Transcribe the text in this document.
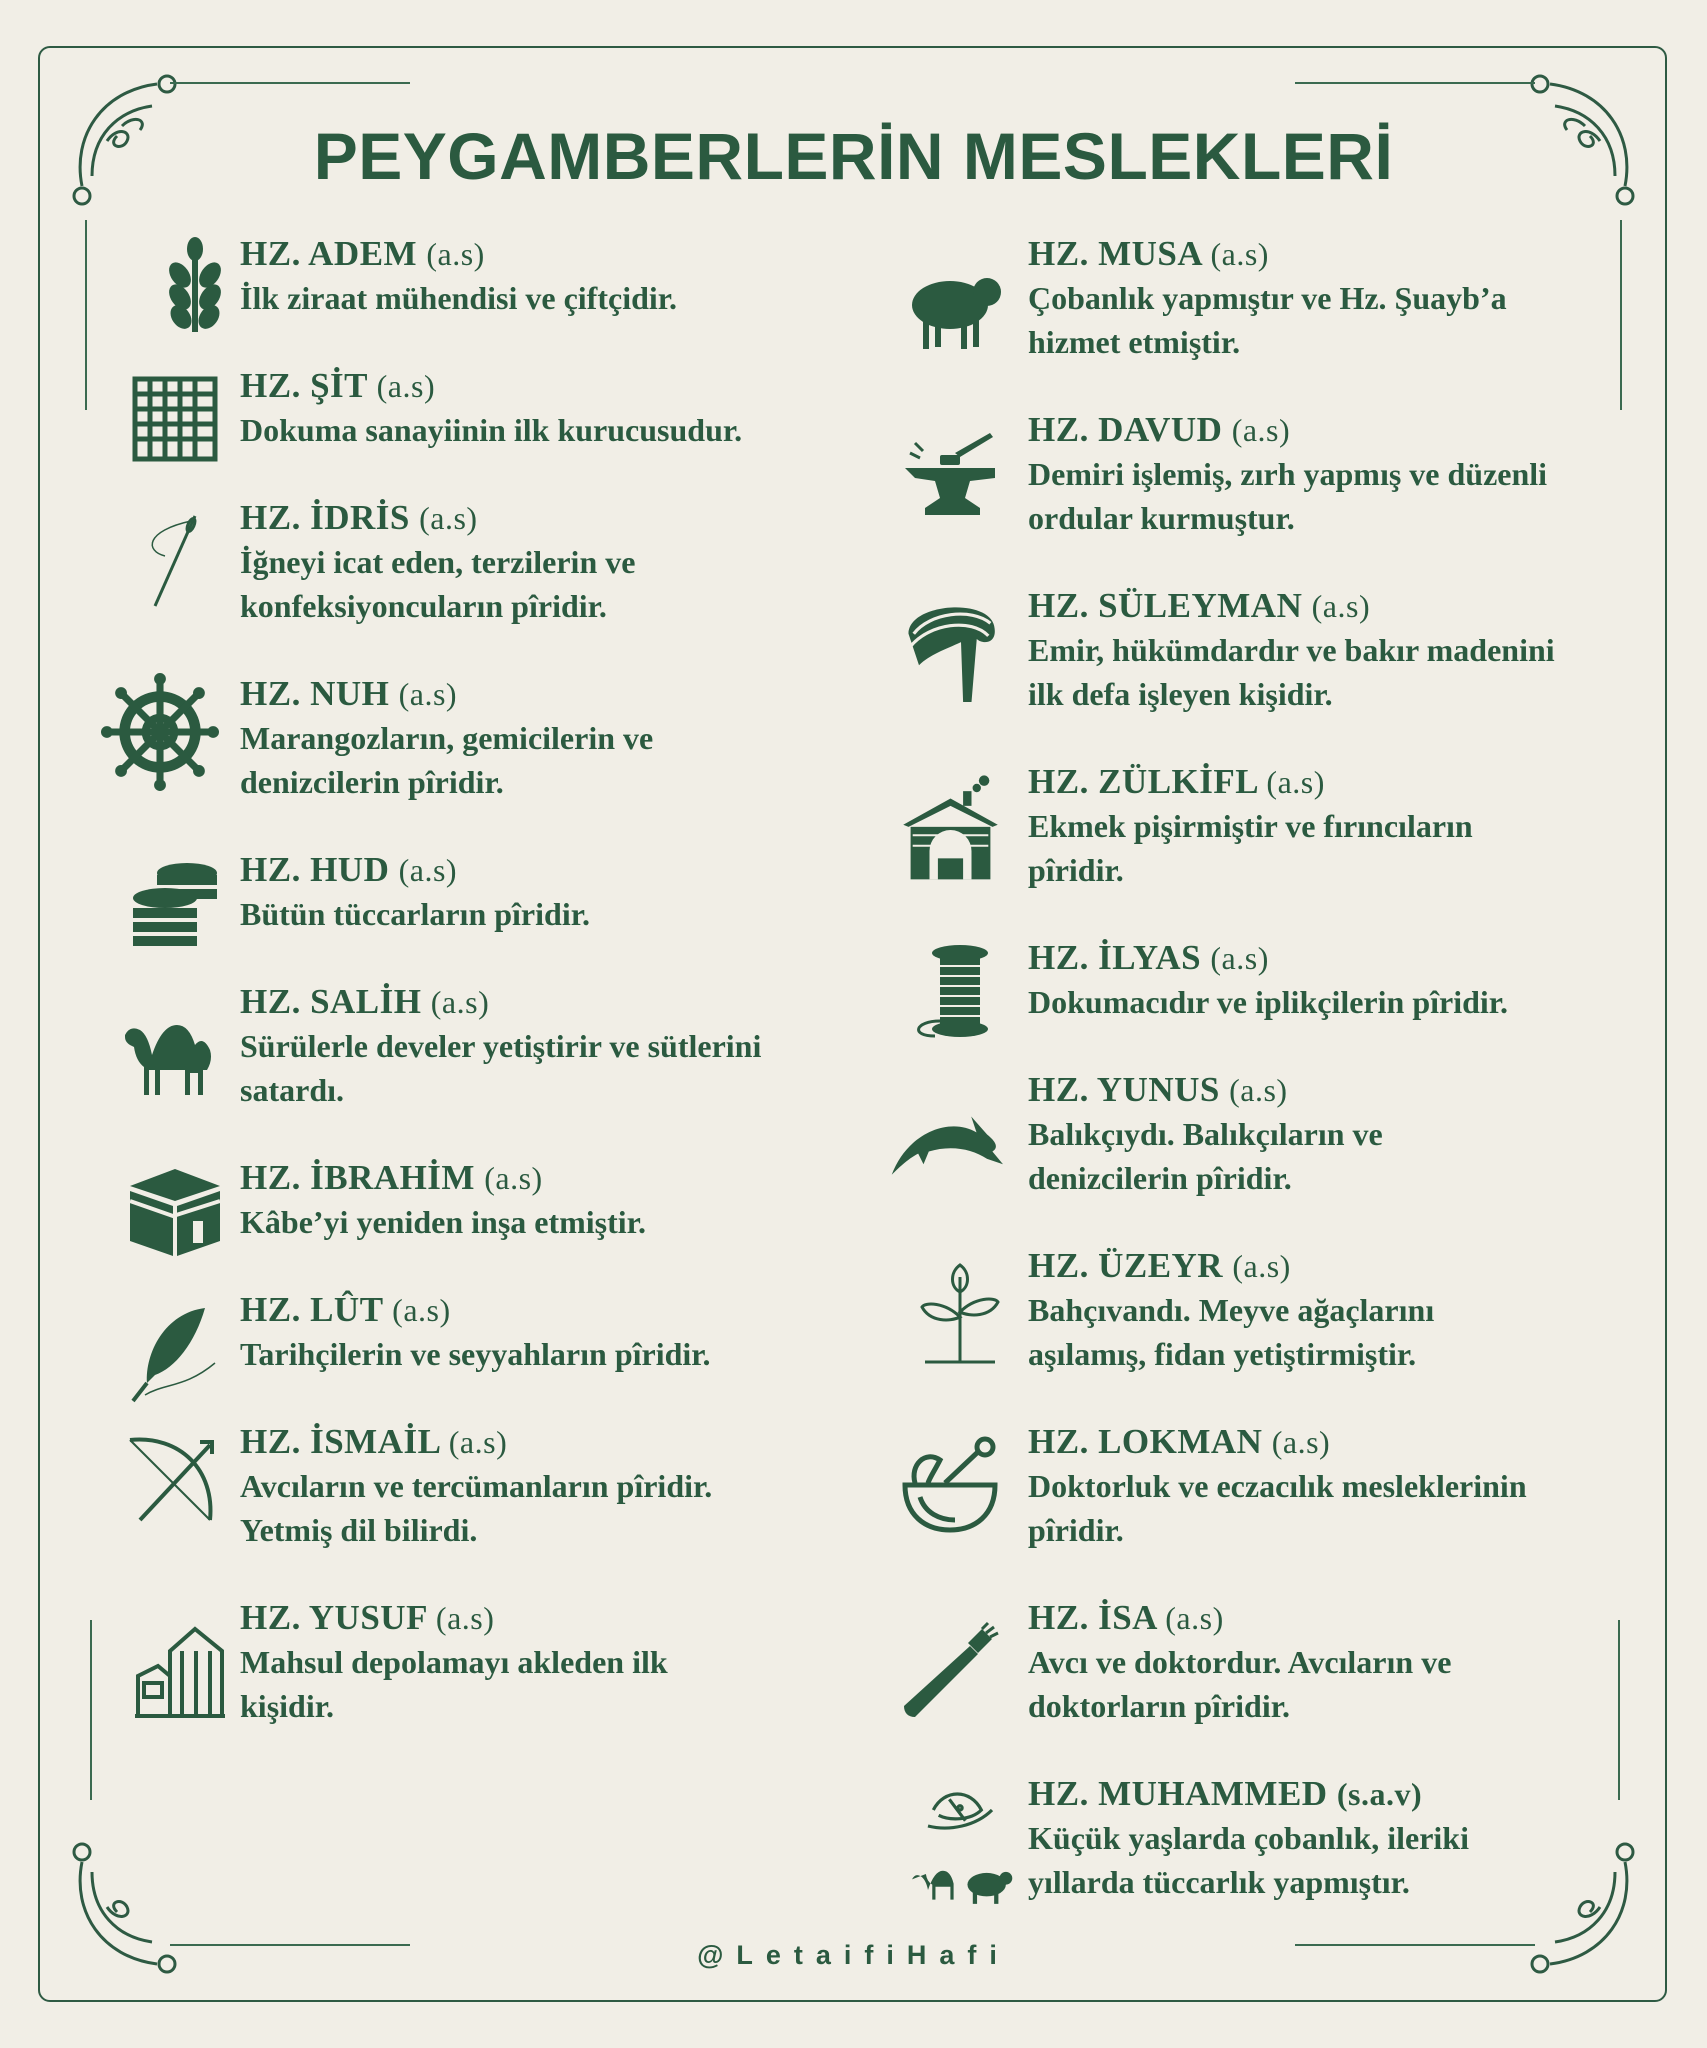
PEYGAMBERLERİN MESLEKLERİ
HZ. ADEM (a.s)
İlk ziraat mühendisi ve çiftçidir.
HZ. ŞİT (a.s)
Dokuma sanayiinin ilk kurucusudur.
HZ. İDRİS (a.s)
İğneyi icat eden, terzilerin ve
konfeksiyoncuların pîridir.
HZ. NUH (a.s)
Marangozların, gemicilerin ve
denizcilerin pîridir.
HZ. HUD (a.s)
Bütün tüccarların pîridir.
HZ. SALİH (a.s)
Sürülerle develer yetiştirir ve sütlerini
satardı.
HZ. İBRAHİM (a.s)
Kâbe’yi yeniden inşa etmiştir.
HZ. LÛT (a.s)
Tarihçilerin ve seyyahların pîridir.
HZ. İSMAİL (a.s)
Avcıların ve tercümanların pîridir.
Yetmiş dil bilirdi.
HZ. YUSUF (a.s)
Mahsul depolamayı akleden ilk
kişidir.
HZ. MUSA (a.s)
Çobanlık yapmıştır ve Hz. Şuayb’a
hizmet etmiştir.
HZ. DAVUD (a.s)
Demiri işlemiş, zırh yapmış ve düzenli
ordular kurmuştur.
HZ. SÜLEYMAN (a.s)
Emir, hükümdardır ve bakır madenini
ilk defa işleyen kişidir.
HZ. ZÜLKİFL (a.s)
Ekmek pişirmiştir ve fırıncıların
pîridir.
HZ. İLYAS (a.s)
Dokumacıdır ve iplikçilerin pîridir.
HZ. YUNUS (a.s)
Balıkçıydı. Balıkçıların ve
denizcilerin pîridir.
HZ. ÜZEYR (a.s)
Bahçıvandı. Meyve ağaçlarını
aşılamış, fidan yetiştirmiştir.
HZ. LOKMAN (a.s)
Doktorluk ve eczacılık mesleklerinin
pîridir.
HZ. İSA (a.s)
Avcı ve doktordur. Avcıların ve
doktorların pîridir.
HZ. MUHAMMED (s.a.v)
Küçük yaşlarda çobanlık, ileriki
yıllarda tüccarlık yapmıştır.
@LetaifiHafi
